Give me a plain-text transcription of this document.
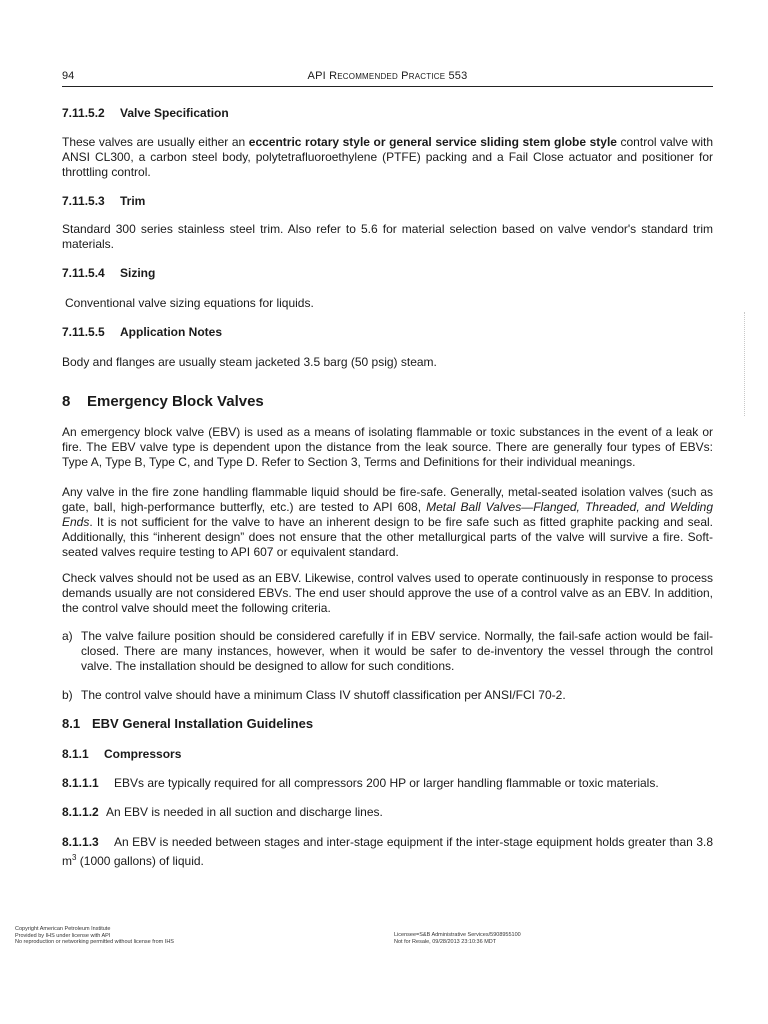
94	API Recommended Practice 553
7.11.5.2 Valve Specification
These valves are usually either an eccentric rotary style or general service sliding stem globe style control valve with ANSI CL300, a carbon steel body, polytetrafluoroethylene (PTFE) packing and a Fail Close actuator and positioner for throttling control.
7.11.5.3 Trim
Standard 300 series stainless steel trim. Also refer to 5.6 for material selection based on valve vendor's standard trim materials.
7.11.5.4 Sizing
Conventional valve sizing equations for liquids.
7.11.5.5 Application Notes
Body and flanges are usually steam jacketed 3.5 barg (50 psig) steam.
8 Emergency Block Valves
An emergency block valve (EBV) is used as a means of isolating flammable or toxic substances in the event of a leak or fire. The EBV valve type is dependent upon the distance from the leak source. There are generally four types of EBVs: Type A, Type B, Type C, and Type D. Refer to Section 3, Terms and Definitions for their individual meanings.
Any valve in the fire zone handling flammable liquid should be fire-safe. Generally, metal-seated isolation valves (such as gate, ball, high-performance butterfly, etc.) are tested to API 608, Metal Ball Valves—Flanged, Threaded, and Welding Ends. It is not sufficient for the valve to have an inherent design to be fire safe such as fitted graphite packing and seal. Additionally, this “inherent design” does not ensure that the other metallurgical parts of the valve will survive a fire. Soft-seated valves require testing to API 607 or equivalent standard.
Check valves should not be used as an EBV. Likewise, control valves used to operate continuously in response to process demands usually are not considered EBVs. The end user should approve the use of a control valve as an EBV. In addition, the control valve should meet the following criteria.
a) The valve failure position should be considered carefully if in EBV service. Normally, the fail-safe action would be fail-closed. There are many instances, however, when it would be safer to de-inventory the vessel through the control valve. The installation should be designed to allow for such conditions.
b) The control valve should have a minimum Class IV shutoff classification per ANSI/FCI 70-2.
8.1 EBV General Installation Guidelines
8.1.1 Compressors
8.1.1.1 EBVs are typically required for all compressors 200 HP or larger handling flammable or toxic materials.
8.1.1.2 An EBV is needed in all suction and discharge lines.
8.1.1.3 An EBV is needed between stages and inter-stage equipment if the inter-stage equipment holds greater than 3.8 $m^3$ (1000 gallons) of liquid.
Copyright American Petroleum Institute
Provided by IHS under license with API
No reproduction or networking permitted without license from IHS
Licensee=S&B Administrative Services/5908955100
Not for Resale, 09/28/2013 23:10:36 MDT
